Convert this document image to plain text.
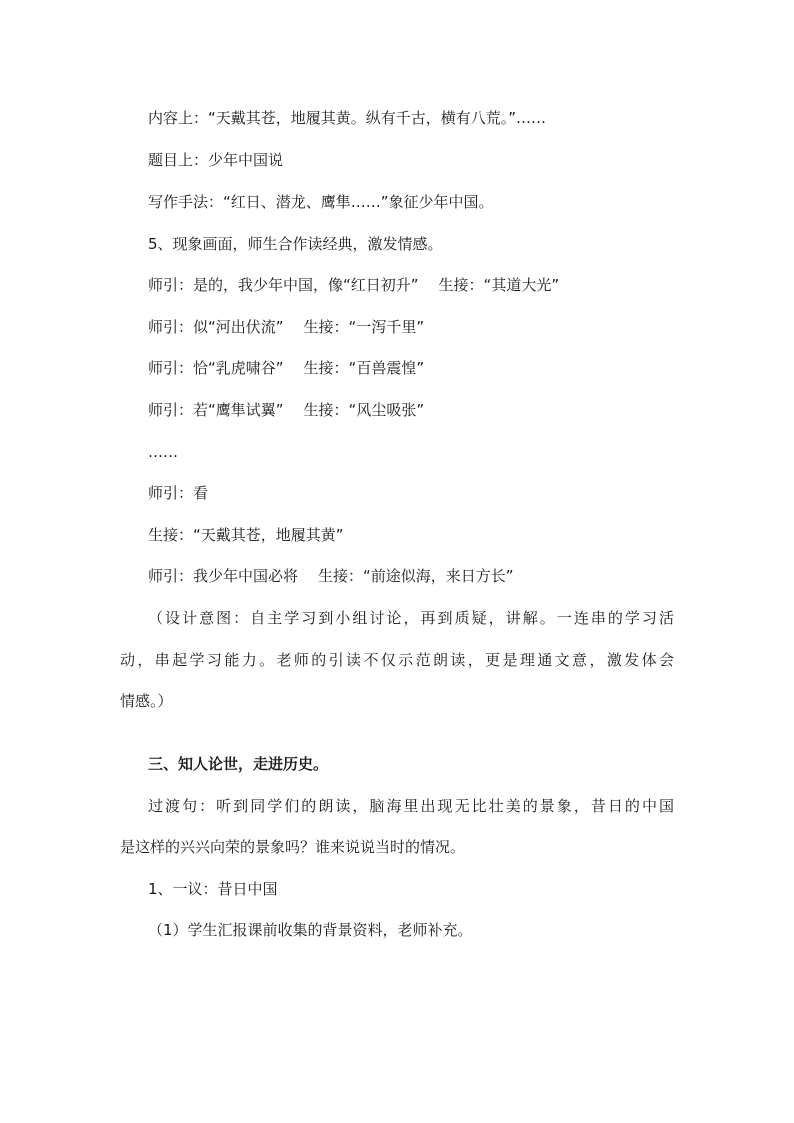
内容上：“天戴其苍，地履其黄。纵有千古，横有八荒。”……
题目上：少年中国说
写作手法：“红日、潜龙、鹰隼……”象征少年中国。
5、现象画面，师生合作读经典，激发情感。
师引：是的，我少年中国，像“红日初升” 生接：“其道大光”
师引：似“河出伏流” 生接：“一泻千里”
师引：恰“乳虎啸谷” 生接：“百兽震惶”
师引：若“鹰隼试翼” 生接：“风尘吸张”
……
师引：看
生接：“天戴其苍，地履其黄”
师引：我少年中国必将 生接：“前途似海，来日方长”
（设计意图：自主学习到小组讨论，再到质疑，讲解。一连串的学习活
动，串起学习能力。老师的引读不仅示范朗读，更是理通文意，激发体会
情感。）
三、知人论世，走进历史。
过渡句：听到同学们的朗读，脑海里出现无比壮美的景象，昔日的中国
是这样的兴兴向荣的景象吗？谁来说说当时的情况。
1、一议：昔日中国
（1）学生汇报课前收集的背景资料，老师补充。
